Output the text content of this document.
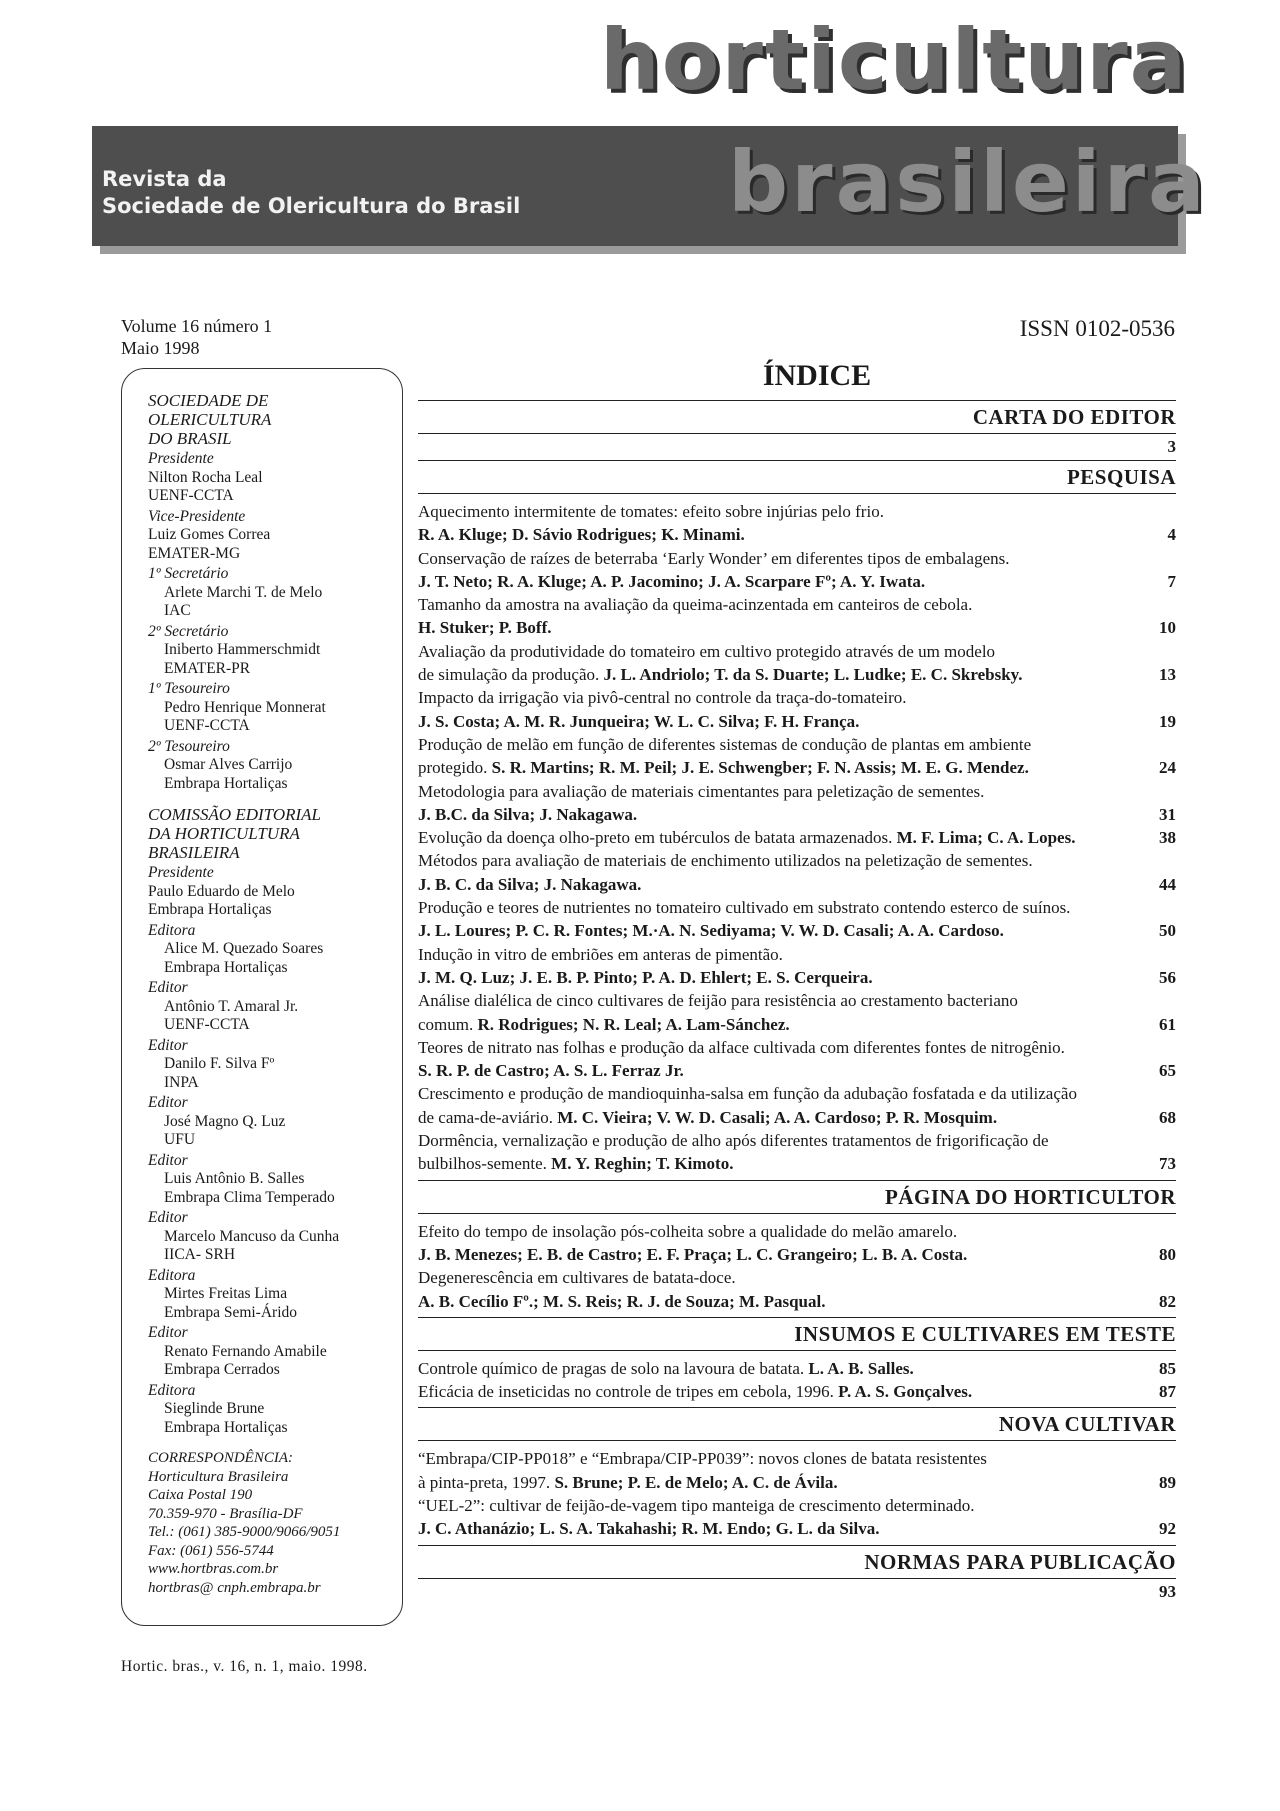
horticultura
Revista da
Sociedade de Olericultura do Brasil brasileira
Volume 16 número 1
Maio 1998
ISSN 0102-0536
SOCIEDADE DE
OLERICULTURA
DO BRASIL
Presidente
Nilton Rocha Leal
UENF-CCTA
Vice-Presidente
Luiz Gomes Correa
EMATER-MG
1º Secretário
Arlete Marchi T. de Melo
IAC
2º Secretário
Iniberto Hammerschmidt
EMATER-PR
1º Tesoureiro
Pedro Henrique Monnerat
UENF-CCTA
2º Tesoureiro
Osmar Alves Carrijo
Embrapa Hortaliças
COMISSÃO EDITORIAL
DA HORTICULTURA
BRASILEIRA
Presidente
Paulo Eduardo de Melo
Embrapa Hortaliças
Editora
Alice M. Quezado Soares
Embrapa Hortaliças
Editor
Antônio T. Amaral Jr.
UENF-CCTA
Editor
Danilo F. Silva Fº
INPA
Editor
José Magno Q. Luz
UFU
Editor
Luis Antônio B. Salles
Embrapa Clima Temperado
Editor
Marcelo Mancuso da Cunha
IICA- SRH
Editora
Mirtes Freitas Lima
Embrapa Semi-Árido
Editor
Renato Fernando Amabile
Embrapa Cerrados
Editora
Sieglinde Brune
Embrapa Hortaliças
CORRESPONDÊNCIA:
Horticultura Brasileira
Caixa Postal 190
70.359-970 - Brasília-DF
Tel.: (061) 385-9000/9066/9051
Fax: (061) 556-5744
www.hortbras.com.br
hortbras@ cnph.embrapa.br
Hortic. bras., v. 16, n. 1, maio. 1998.
ÍNDICE
CARTA DO EDITOR
3
PESQUISA
Aquecimento intermitente de tomates: efeito sobre injúrias pelo frio.
R. A. Kluge; D. Sávio Rodrigues; K. Minami.	4
Conservação de raízes de beterraba ‘Early Wonder’ em diferentes tipos de embalagens.
J. T. Neto; R. A. Kluge; A. P. Jacomino; J. A. Scarpare Fº; A. Y. Iwata.	7
Tamanho da amostra na avaliação da queima-acinzentada em canteiros de cebola.
H. Stuker; P. Boff.	10
Avaliação da produtividade do tomateiro em cultivo protegido através de um modelo
de simulação da produção. J. L. Andriolo; T. da S. Duarte; L. Ludke; E. C. Skrebsky.	13
Impacto da irrigação via pivô-central no controle da traça-do-tomateiro.
J. S. Costa; A. M. R. Junqueira; W. L. C. Silva; F. H. França.	19
Produção de melão em função de diferentes sistemas de condução de plantas em ambiente
protegido. S. R. Martins; R. M. Peil; J. E. Schwengber; F. N. Assis; M. E. G. Mendez.	24
Metodologia para avaliação de materiais cimentantes para peletização de sementes.
J. B.C. da Silva; J. Nakagawa.	31
Evolução da doença olho-preto em tubérculos de batata armazenados. M. F. Lima; C. A. Lopes.	38
Métodos para avaliação de materiais de enchimento utilizados na peletização de sementes.
J. B. C. da Silva; J. Nakagawa.	44
Produção e teores de nutrientes no tomateiro cultivado em substrato contendo esterco de suínos.
J. L. Loures; P. C. R. Fontes; M.·A. N. Sediyama; V. W. D. Casali; A. A. Cardoso.	50
Indução in vitro de embriões em anteras de pimentão.
J. M. Q. Luz; J. E. B. P. Pinto; P. A. D. Ehlert; E. S. Cerqueira.	56
Análise dialélica de cinco cultivares de feijão para resistência ao crestamento bacteriano
comum. R. Rodrigues; N. R. Leal; A. Lam-Sánchez.	61
Teores de nitrato nas folhas e produção da alface cultivada com diferentes fontes de nitrogênio.
S. R. P. de Castro; A. S. L. Ferraz Jr.	65
Crescimento e produção de mandioquinha-salsa em função da adubação fosfatada e da utilização
de cama-de-aviário. M. C. Vieira; V. W. D. Casali; A. A. Cardoso; P. R. Mosquim.	68
Dormência, vernalização e produção de alho após diferentes tratamentos de frigorificação de
bulbilhos-semente. M. Y. Reghin; T. Kimoto.	73
PÁGINA DO HORTICULTOR
Efeito do tempo de insolação pós-colheita sobre a qualidade do melão amarelo.
J. B. Menezes; E. B. de Castro; E. F. Praça; L. C. Grangeiro; L. B. A. Costa.	80
Degenerescência em cultivares de batata-doce.
A. B. Cecílio Fº.; M. S. Reis; R. J. de Souza; M. Pasqual.	82
INSUMOS E CULTIVARES EM TESTE
Controle químico de pragas de solo na lavoura de batata. L. A. B. Salles.	85
Eficácia de inseticidas no controle de tripes em cebola, 1996. P. A. S. Gonçalves.	87
NOVA CULTIVAR
“Embrapa/CIP-PP018” e “Embrapa/CIP-PP039”: novos clones de batata resistentes
à pinta-preta, 1997. S. Brune; P. E. de Melo; A. C. de Ávila.	89
“UEL-2”: cultivar de feijão-de-vagem tipo manteiga de crescimento determinado.
J. C. Athanázio; L. S. A. Takahashi; R. M. Endo; G. L. da Silva.	92
NORMAS PARA PUBLICAÇÃO
93
